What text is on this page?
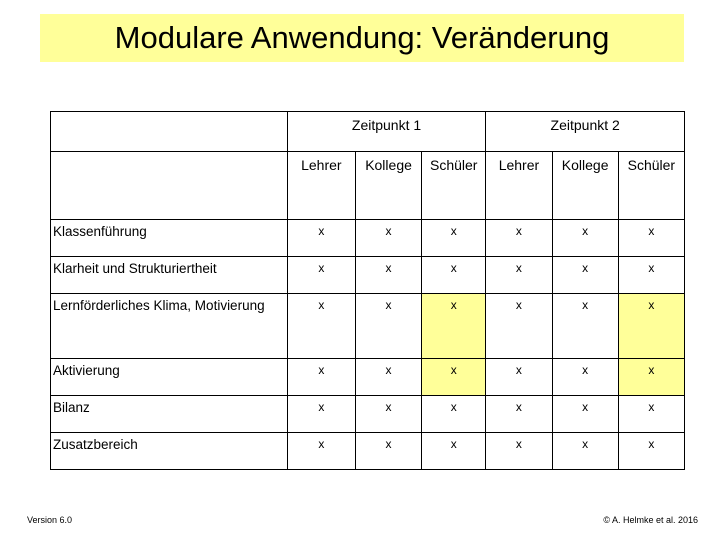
Modulare Anwendung: Veränderung
	Zeitpunkt 1			Zeitpunkt 2		
	Lehrer	Kollege	Schüler	Lehrer	Kollege	Schüler
Klassenführung	x	x	x	x	x	x
Klarheit und Strukturiertheit	x	x	x	x	x	x
Lernförderliches Klima, Motivierung	x	x	x	x	x	x
Aktivierung	x	x	x	x	x	x
Bilanz	x	x	x	x	x	x
Zusatzbereich	x	x	x	x	x	x
Version 6.0	© A. Helmke et al. 2016
